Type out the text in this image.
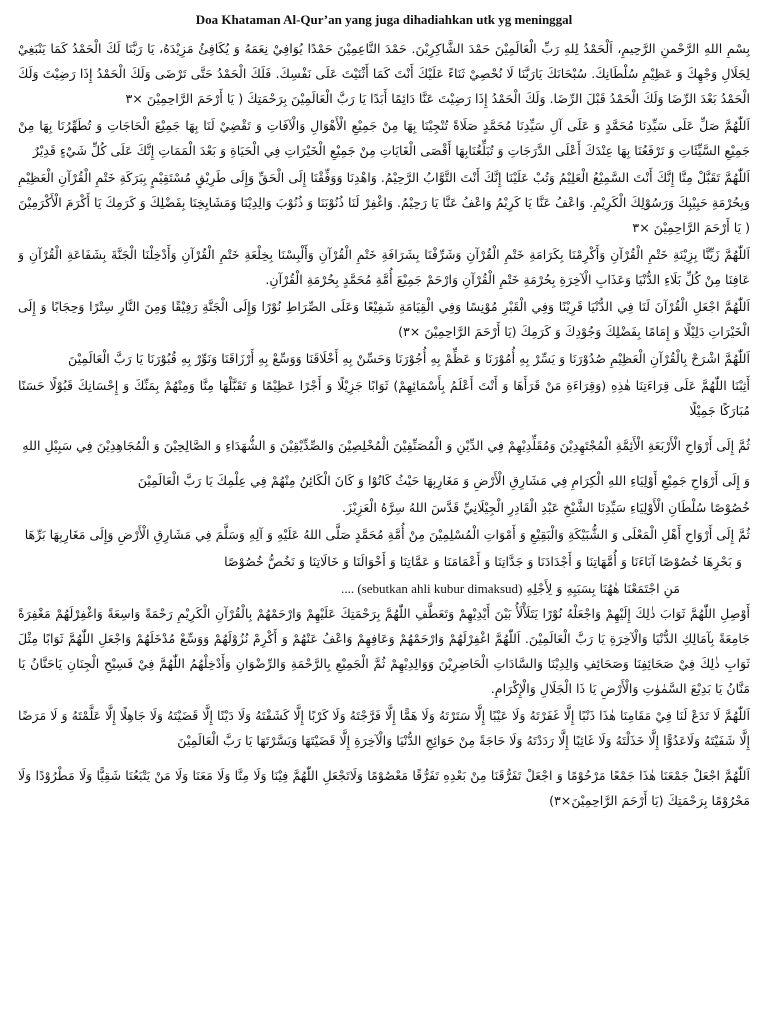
Doa Khataman Al-Qur’an yang juga dihadiahkan utk yg meninggal
بِسْمِ اللهِ الرَّحْمنِ الرَّحِيمِ، اَلْحَمْدُ لِلهِ رَبِّ الْعَالَمِيْنَ حَمْدَ الشَّاكِرِيْنَ. حَمْدَ النَّاعِمِيْنَ حَمْدًا يُوَافِيْ نِعَمَهُ وَ يُكَافِئُ مَزِيْدَهُ، يَا رَبَّنَا لَكَ الْحَمْدُ كَمَا يَنْبَغِيْ لِجَلَالِ وَجْهِكَ وَ عَظِيْمِ سُلْطَانِكَ. سُبْحَانَكَ يَارَبَّنَا لَا نُحْصِيْ ثَنَاءً عَلَيْكَ أَنْتَ كَمَا أَثْنَيْتَ عَلَى نَفْسِكَ. فَلَكَ الْحَمْدُ حَتَّى تَرْضَى وَلَكَ الْحَمْدُ إِذَا رَضِيْتَ وَلَكَ الْحَمْدُ بَعْدَ الرِّضَا وَلَكَ الْحَمْدُ قَبْلَ الرِّضَا. وَلَكَ الْحَمْدُ إِذَا رَضِيْتَ عَنَّا دَائِمًا أَبَدًا يَا رَبَّ الْعَالَمِيْنَ بِرَحْمَتِكَ ( يَا أَرْحَمَ الرَّاحِمِيْنَ ×٣
اَللّٰهُمَّ صَلِّ عَلَى سَيِّدِنَا مُحَمَّدٍ وَ عَلَى آلِ سَيِّدِنَا مُحَمَّدٍ صَلَاةً تُنْجِيْنَا بِهَا مِنْ جَمِيْعِ الْأَهْوَالِ وَالْآفَاتِ وَ تَقْضِيْ لَنَا بِهَا جَمِيْعَ الْحَاجَاتِ وَ تُطَهِّرُنَا بِهَا مِنْ جَمِيْعِ السَّيِّئَاتِ وَ تَرْفَعُنَا بِهَا عِنْدَكَ أَعْلَى الدَّرَجَاتِ وَ تُبَلِّغُنَابِهَا أَقْصَى الْغَايَاتِ مِنْ جَمِيْعِ الْخَيْرَاتِ فِي الْحَيَاةِ وَ بَعْدَ الْمَمَاتِ إِنَّكَ عَلَى كُلِّ شَيْءٍ قَدِيْرٌ
اَللّٰهُمَّ تَقَبَّلْ مِنَّا إِنَّكَ أَنْتَ السَّمِيْعُ الْعَلِيْمُ وَتُبْ عَلَيْنَا إِنَّكَ أَنْتَ التَّوَّابُ الرَّحِيْمُ. وَاهْدِنَا وَوَفِّقْنَا إِلَى الْحَقِّ وَإِلَى طَرِيْقٍ مُسْتَقِيْمٍ بِبَرَكَةِ خَتْمِ الْقُرْآنِ الْعَظِيْمِ وَبِحُرْمَةِ حَبِيْبِكَ وَرَسُوْلِكَ الْكَرِيْمِ. وَاعْفُ عَنَّا يَا كَرِيْمُ وَاعْفُ عَنَّا يَا رَحِيْمُ. وَاغْفِرْ لَنَا ذُنُوْبَنَا وَ ذُنُوْبَ وَالِدِيْنَا وَمَشَايِخِنَا بِفَضْلِكَ وَ كَرَمِكَ يَا أَكْرَمَ الْأَكْرَمِيْنَ ( يَا أَرْحَمَ الرَّاحِمِيْنَ ×٣
اَللّٰهُمَّ زَيِّنَّا بِزِيْنَةِ خَتْمِ الْقُرْآنِ وَأَكْرِمْنَا بِكَرَامَةِ خَتْمِ الْقُرْآنِ وَشَرِّفْنَا بِشَرَافَةِ خَتْمِ الْقُرْآنِ وَأَلْبِسْنَا بِخِلْعَةِ خَتْمِ الْقُرْآنِ وَأَدْخِلْنَا الْجَنَّةَ بِشَفَاعَةِ الْقُرْآنِ وَ عَافِنَا مِنْ كُلِّ بَلَاءِ الدُّنْيَا وَعَذَابِ الْآخِرَةِ بِحُرْمَةِ خَتْمِ الْقُرْآنِ وَارْحَمْ جَمِيْعَ أُمَّةِ مُحَمَّدٍ بِحُرْمَةِ الْقُرْآنِ.
اَللّٰهُمَّ اجْعَلِ الْقُرْآنَ لَنَا فِي الدُّنْيَا قَرِيْنًا وَفِي الْقَبْرِ مُوْنِسًا وَفِي الْقِيَامَةِ شَفِيْعًا وَعَلَى الصِّرَاطِ نُوْرًا وَإِلَى الْجَنَّةِ رَفِيْقًا وَمِنَ النَّارِ سِتْرًا وَحِجَابًا وَ إِلَى الْخَيْرَاتِ دَلِيْلًا وَ إِمَامًا بِفَضْلِكَ وَجُوْدِكَ وَ كَرَمِكَ (يَا أَرْحَمَ الرَّاحِمِيْنَ ×٣)
اَللّٰهُمَّ اشْرَحْ بِالْقُرْآنِ الْعَظِيْمِ صُدُوْرَنَا وَ يَسِّرْ بِهِ أُمُوْرَنَا وَ عَظِّمْ بِهِ أُجُوْرَنَا وَحَسِّنْ بِهِ أَخْلَاقَنَا وَوَسِّعْ بِهِ أَرْزَاقَنَا وَنَوِّرْ بِهِ قُبُوْرَنَا يَا رَبَّ الْعَالَمِيْنَ
أَثِبْنَا اللّٰهُمَّ عَلَى قِرَاءَتِنَا هٰذِهِ (وَقِرَاءَةِ مَنْ قَرَأَهَا وَ أَنْتَ أَعْلَمُ بِأَسْمَائِهِمْ) ثَوَابًا جَزِيْلًا وَ أَجْرًا عَظِيْمًا وَ تَقَبَّلْهَا مِنَّا وَمِنْهُمْ بِمَنِّكَ وَ إِحْسَانِكَ قَبُوْلًا حَسَنًا مُبَارَكًا جَمِيْلًا
ثُمَّ إِلَى أَرْوَاحِ الْأَرْبَعَةِ الْأَئِمَّةِ الْمُجْتَهِدِيْنَ وَمُقَلِّدِيْهِمْ فِي الدِّيْنِ وَ الْمُصَنِّفِيْنَ الْمُخْلِصِيْنَ وَالصِّدِّيْقِيْنَ وَ الشُّهَدَاءِ وَ الصَّالِحِيْنَ وَ الْمُجَاهِدِيْنَ فِي سَبِيْلِ اللهِ
وَ إِلَى أَرْوَاحِ جَمِيْعِ أَوْلِيَاءِ اللهِ الْكِرَامِ فِي مَشَارِقِ الْأَرْضِ وَ مَغَارِبِهَا حَيْثُ كَانُوْا وَ كَانَ الْكَائِنُ مِنْهُمْ فِي عِلْمِكَ يَا رَبَّ الْعَالَمِيْنَ
خُصُوْصًا سُلْطَانِ الْأَوْلِيَاءِ سَيِّدِنَا الشَّيْخِ عَبْدِ الْقَادِرِ الْجِيْلَانِيِّ قَدَّسَ اللهُ سِرَّهُ الْعَزِيْزَ.
ثُمَّ إِلَى أَرْوَاحِ أَهْلِ الْمَعْلَى وَ الشُّبَيْكَةِ وَالْبَقِيْعِ وَ أَمْوَاتِ الْمُسْلِمِيْنَ مِنْ أُمَّةِ مُحَمَّدٍ صَلَّى اللهُ عَلَيْهِ وَ آلِهِ وَسَلَّمَ فِي مَشَارِقِ الْأَرْضِ وَإِلَى مَغَارِبِهَا بَرِّهَا
وَ بَحْرِهَا خُصُوْصًا آبَاءَنَا وَ أُمَّهَاتِنَا وَ أَجْدَادَنَا وَ جَدَّاتِنَا وَ أَعْمَامَنَا وَ عَمَّاتِنَا وَ أَخْوَالَنَا وَ خَالَاتِنَا وَ نَخُصُّ خُصُوْصًا
مَنِ اجْتَمَعْنَا هٰهُنَا بِسَبَبِهِ وَ لِأَجْلِهِ (sebutkan ahli kubur dimaksud) ....
أَوْصِلِ اللّٰهُمَّ ثَوَابَ ذٰلِكَ إِلَيْهِمْ وَاجْعَلْهُ نُوْرًا يَتَلَأْلَأُ بَيْنَ أَيْدِيْهِمْ وَتَعَطَّفِ اللّٰهُمَّ بِرَحْمَتِكَ عَلَيْهِمْ وَارْحَمْهُمْ بِالْقُرْآنِ الْكَرِيْمِ رَحْمَةً وَاسِعَةً وَاغْفِرْلَهُمْ مَغْفِرَةً جَامِعَةً بِآمَالِكِ الدُّنْيَا وَالْآخِرَةِ يَا رَبَّ الْعَالَمِيْنَ. اَللّٰهُمَّ اغْفِرْلَهُمْ وَارْحَمْهُمْ وَعَافِهِمْ وَاعْفُ عَنْهُمْ وَ أَكْرِمْ نُزُوْلَهُمْ وَوَسِّعْ مُدْخَلَهُمْ وَاجْعَلِ اللّٰهُمَّ ثَوَابًا مِثْلَ ثَوَابِ ذٰلِكَ فِيْ صَحَائِفِنَا وَصَحَائِفِ وَالِدِيْنَا وَالسَّادَاتِ الْحَاضِرِيْنَ وَوَالِدِيْهِمْ ثُمَّ الْجَمِيْعِ بِالرَّحْمَةِ وَالرِّضْوَانِ وَأَدْخِلْهُمُ اللّٰهُمَّ فِيْ فَسِيْحِ الْجِنَانِ يَاحَنَّانُ يَا مَنَّانُ يَا بَدِيْعَ السَّمٰوٰتِ وَالْأَرْضِ يَا ذَا الْجَلَالِ وَالْإِكْرَامِ.
اَللّٰهُمَّ لَا تَدَعْ لَنَا فِيْ مَقَامِنَا هٰذَا ذَنْبًا إِلَّا غَفَرْتَهُ وَلَا عَيْبًا إِلَّا سَتَرْتَهُ وَلَا هَمًّا إِلَّا فَرَّجْتَهُ وَلَا كَرْبًا إِلَّا كَشَفْتَهُ وَلَا دَيْنًا إِلَّا قَضَيْتَهُ وَلَا جَاهِلًا إِلَّا عَلَّمْتَهُ وَ لَا مَرَضًا إِلَّا شَفَيْتَهُ وَلَاعَدُوًّا إِلَّا خَذَلْتَهُ وَلَا غَائِبًا إِلَّا رَدَدْتَهُ وَلَا حَاجَةً مِنْ حَوَائِجِ الدُّنْيَا وَالْآخِرَةِ إِلَّا قَضَيْتَهَا وَيَسَّرْتَهَا يَا رَبَّ الْعَالَمِيْنَ
اَللّٰهُمَّ اجْعَلْ جَمْعَنَا هٰذَا جَمْعًا مَرْحُوْمًا وَ اجْعَلْ تَفَرُّقَنَا مِنْ بَعْدِهِ تَفَرُّقًا مَعْصُوْمًا وَلَاتَجْعَلِ اللّٰهُمَّ فِيْنَا وَلَا مِنَّا وَلَا مَعَنَا وَلَا مَنْ يَتْبَعُنَا شَقِيًّا وَلَا مَطْرُوْدًا وَلَا مَحْرُوْمًا بِرَحْمَتِكَ (يَا أَرْحَمَ الرَّاحِمِيْنَ×٣)
